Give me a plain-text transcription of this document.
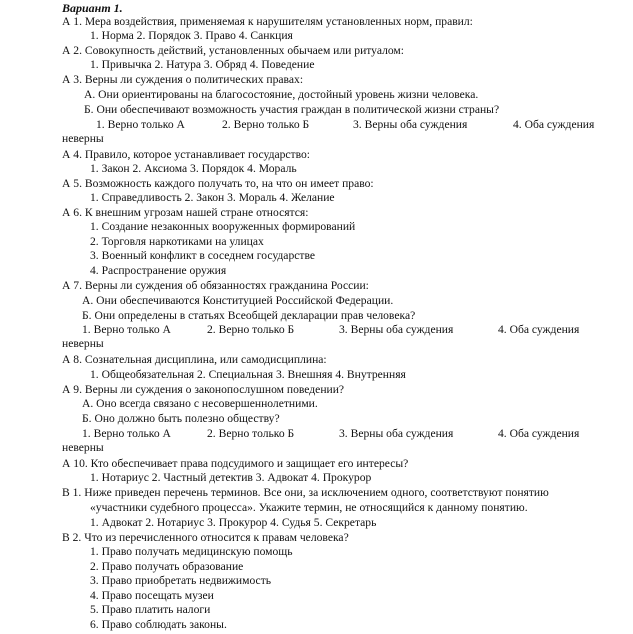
Вариант 1.
А 1. Мера воздействия, применяемая к нарушителям установленных норм, правил:
1. Норма 2. Порядок 3. Право 4. Санкция
А 2. Совокупность действий, установленных обычаем или ритуалом:
1. Привычка 2. Натура 3. Обряд 4. Поведение
А 3. Верны ли суждения о политических правах:
А. Они ориентированы на благосостояние, достойный уровень жизни человека.
Б. Они обеспечивают возможность участия граждан в политической жизни страны?
1. Верно только А	2. Верно только Б	3. Верны оба суждения	4. Оба суждения
неверны
А 4. Правило, которое устанавливает государство:
1. Закон 2. Аксиома 3. Порядок 4. Мораль
А 5. Возможность каждого получать то, на что он имеет право:
1. Справедливость 2. Закон 3. Мораль 4. Желание
А 6. К внешним угрозам нашей стране относятся:
1. Создание незаконных вооруженных формирований
2. Торговля наркотиками на улицах
3. Военный конфликт в соседнем государстве
4. Распространение оружия
А 7. Верны ли суждения об обязанностях гражданина России:
А. Они обеспечиваются Конституцией Российской Федерации.
Б. Они определены в статьях Всеобщей декларации прав человека?
1. Верно только А	2. Верно только Б	3. Верны оба суждения	4. Оба суждения
неверны
А 8. Сознательная дисциплина, или самодисциплина:
1. Общеобязательная 2. Специальная 3. Внешняя 4. Внутренняя
А 9. Верны ли суждения о законопослушном поведении?
А. Оно всегда связано с несовершеннолетними.
Б. Оно должно быть полезно обществу?
1. Верно только А	2. Верно только Б	3. Верны оба суждения	4. Оба суждения
неверны
А 10. Кто обеспечивает права подсудимого и защищает его интересы?
1. Нотариус 2. Частный детектив 3. Адвокат 4. Прокурор
В 1. Ниже приведен перечень терминов. Все они, за исключением одного, соответствуют понятию
«участники судебного процесса». Укажите термин, не относящийся к данному понятию.
1. Адвокат 2. Нотариус 3. Прокурор 4. Судья 5. Секретарь
В 2. Что из перечисленного относится к правам человека?
1. Право получать медицинскую помощь
2. Право получать образование
3. Право приобретать недвижимость
4. Право посещать музеи
5. Право платить налоги
6. Право соблюдать законы.
